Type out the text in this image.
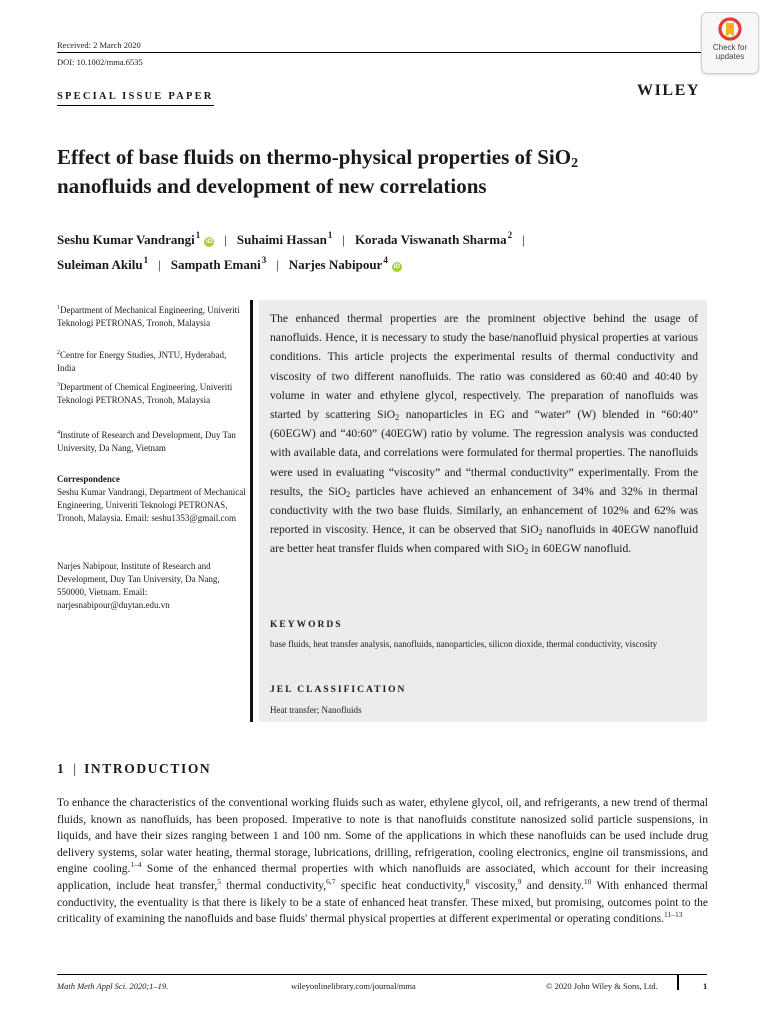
Received: 2 March 2020
DOI: 10.1002/mma.6535
Check for
updates
WILEY
SPECIAL ISSUE PAPER
Effect of base fluids on thermo-physical properties of SiO$_2$
nanofluids and development of new correlations
Seshu Kumar Vandrangi$^1$iD | Suhaimi Hassan$^1$ | Korada Viswanath Sharma$^2$ |
Suleiman Akilu$^1$ | Sampath Emani$^3$ | Narjes Nabipour$^4$iD
$^1$Department of Mechanical Engineering, Univeriti Teknologi PETRONAS, Tronoh, Malaysia
$^2$Centre for Energy Studies, JNTU, Hyderabad, India
$^3$Department of Chemical Engineering, Univeriti Teknologi PETRONAS, Tronoh, Malaysia
$^4$Institute of Research and Development, Duy Tan University, Da Nang, Vietnam
Correspondence
Seshu Kumar Vandrangi, Department of Mechanical Engineering, Univeriti Teknologi PETRONAS, Tronoh, Malaysia. Email: seshu1353@gmail.com
Narjes Nabipour, Institute of Research and Development, Duy Tan University, Da Nang, 550000, Vietnam. Email: narjesnabipour@duytan.edu.vn
The enhanced thermal properties are the prominent objective behind the usage of nanofluids. Hence, it is necessary to study the base/nanofluid physical properties at various conditions. This article projects the experimental results of thermal conductivity and viscosity of two different nanofluids. The ratio was considered as 60:40 and 40:40 by volume in water and ethylene glycol, respectively. The preparation of nanofluids was started by scattering SiO$_2$ nanoparticles in EG and “water” (W) blended in “60:40” (60EGW) and “40:60” (40EGW) ratio by volume. The regression analysis was conducted with available data, and correlations were formulated for thermal properties. The nanofluids were used in evaluating “viscosity” and “thermal conductivity” experimentally. From the results, the SiO$_2$ particles have achieved an enhancement of 34% and 32% in thermal conductivity with the two base fluids. Similarly, an enhancement of 102% and 62% was reported in viscosity. Hence, it can be observed that SiO$_2$ nanofluids in 40EGW nanofluid are better heat transfer fluids when compared with SiO$_2$ in 60EGW nanofluid.
KEYWORDS
base fluids, heat transfer analysis, nanofluids, nanoparticles, silicon dioxide, thermal conductivity, viscosity
JEL CLASSIFICATION
Heat transfer; Nanofluids
1 | INTRODUCTION
To enhance the characteristics of the conventional working fluids such as water, ethylene glycol, oil, and refrigerants, a new trend of thermal fluids, known as nanofluids, has been proposed. Imperative to note is that nanofluids constitute nanosized solid particle suspensions, in liquids, and have their sizes ranging between 1 and 100 nm. Some of the applications in which these nanofluids can be used include drug delivery systems, solar water heating, thermal storage, lubrications, drilling, refrigeration, cooling electronics, engine oil transmissions, and engine cooling.$^{1-4}$ Some of the enhanced thermal properties with which nanofluids are associated, which account for their increasing application, include heat transfer,$^5$ thermal conductivity,$^{6,7}$ specific heat conductivity,$^8$ viscosity,$^9$ and density.$^{10}$ With enhanced thermal conductivity, the eventuality is that there is likely to be a state of enhanced heat transfer. These mixed, but promising, outcomes point to the criticality of examining the nanofluids and base fluids' thermal physical properties at different experimental or operating conditions.$^{11-13}$
Math Meth Appl Sci. 2020;1–19.	wileyonlinelibrary.com/journal/mma	© 2020 John Wiley & Sons, Ltd.	1
